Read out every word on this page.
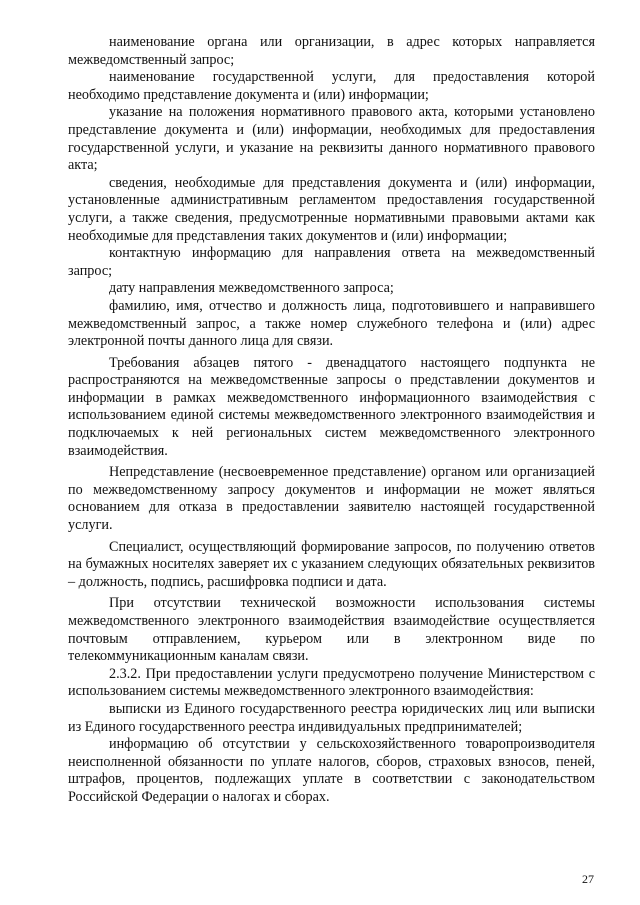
наименование органа или организации, в адрес которых направляется межведомственный запрос;

наименование государственной услуги, для предоставления которой необходимо представление документа и (или) информации;

указание на положения нормативного правового акта, которыми установлено представление документа и (или) информации, необходимых для предоставления государственной услуги, и указание на реквизиты данного нормативного правового акта;

сведения, необходимые для представления документа и (или) информации, установленные административным регламентом предоставления государственной услуги, а также сведения, предусмотренные нормативными правовыми актами как необходимые для представления таких документов и (или) информации;

контактную информацию для направления ответа на межведомственный запрос;

дату направления межведомственного запроса;

фамилию, имя, отчество и должность лица, подготовившего и направившего межведомственный запрос, а также номер служебного телефона и (или) адрес электронной почты данного лица для связи.

Требования абзацев пятого - двенадцатого настоящего подпункта не распространяются на межведомственные запросы о представлении документов и информации в рамках межведомственного информационного взаимодействия с использованием единой системы межведомственного электронного взаимодействия и подключаемых к ней региональных систем межведомственного электронного взаимодействия.

Непредставление (несвоевременное представление) органом или организацией по межведомственному запросу документов и информации не может являться основанием для отказа в предоставлении заявителю настоящей государственной услуги.

Специалист, осуществляющий формирование запросов, по получению ответов на бумажных носителях заверяет их с указанием следующих обязательных реквизитов – должность, подпись, расшифровка подписи и дата.

При отсутствии технической возможности использования системы межведомственного электронного взаимодействия взаимодействие осуществляется почтовым отправлением, курьером или в электронном виде по телекоммуникационным каналам связи.

2.3.2. При предоставлении услуги предусмотрено получение Министерством с использованием системы межведомственного электронного взаимодействия:

выписки из Единого государственного реестра юридических лиц или выписки из Единого государственного реестра индивидуальных предпринимателей;

информацию об отсутствии у сельскохозяйственного товаропроизводителя неисполненной обязанности по уплате налогов, сборов, страховых взносов, пеней, штрафов, процентов, подлежащих уплате в соответствии с законодательством Российской Федерации о налогах и сборах.

27
